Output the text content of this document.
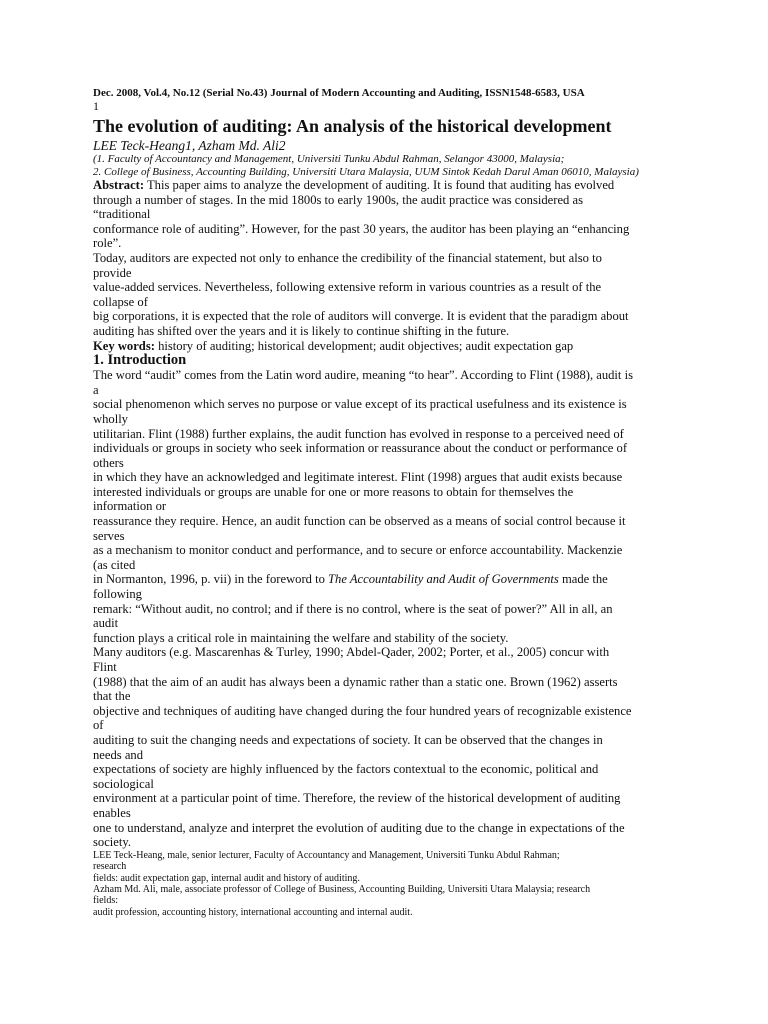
Dec. 2008, Vol.4, No.12 (Serial No.43) Journal of Modern Accounting and Auditing, ISSN1548-6583, USA
1
The evolution of auditing: An analysis of the historical development
LEE Teck-Heang1, Azham Md. Ali2
(1. Faculty of Accountancy and Management, Universiti Tunku Abdul Rahman, Selangor 43000, Malaysia;
2. College of Business, Accounting Building, Universiti Utara Malaysia, UUM Sintok Kedah Darul Aman 06010, Malaysia)
Abstract: This paper aims to analyze the development of auditing. It is found that auditing has evolved
through a number of stages. In the mid 1800s to early 1900s, the audit practice was considered as
“traditional
conformance role of auditing”. However, for the past 30 years, the auditor has been playing an “enhancing
role”.
Today, auditors are expected not only to enhance the credibility of the financial statement, but also to
provide
value-added services. Nevertheless, following extensive reform in various countries as a result of the
collapse of
big corporations, it is expected that the role of auditors will converge. It is evident that the paradigm about
auditing has shifted over the years and it is likely to continue shifting in the future.
Key words: history of auditing; historical development; audit objectives; audit expectation gap
1. Introduction
The word “audit” comes from the Latin word audire, meaning “to hear”. According to Flint (1988), audit is
a
social phenomenon which serves no purpose or value except of its practical usefulness and its existence is
wholly
utilitarian. Flint (1988) further explains, the audit function has evolved in response to a perceived need of
individuals or groups in society who seek information or reassurance about the conduct or performance of
others
in which they have an acknowledged and legitimate interest. Flint (1998) argues that audit exists because
interested individuals or groups are unable for one or more reasons to obtain for themselves the
information or
reassurance they require. Hence, an audit function can be observed as a means of social control because it
serves
as a mechanism to monitor conduct and performance, and to secure or enforce accountability. Mackenzie
(as cited
in Normanton, 1996, p. vii) in the foreword to The Accountability and Audit of Governments made the
following
remark: “Without audit, no control; and if there is no control, where is the seat of power?” All in all, an
audit
function plays a critical role in maintaining the welfare and stability of the society.
Many auditors (e.g. Mascarenhas & Turley, 1990; Abdel-Qader, 2002; Porter, et al., 2005) concur with
Flint
(1988) that the aim of an audit has always been a dynamic rather than a static one. Brown (1962) asserts
that the
objective and techniques of auditing have changed during the four hundred years of recognizable existence
of
auditing to suit the changing needs and expectations of society. It can be observed that the changes in
needs and
expectations of society are highly influenced by the factors contextual to the economic, political and
sociological
environment at a particular point of time. Therefore, the review of the historical development of auditing
enables
one to understand, analyze and interpret the evolution of auditing due to the change in expectations of the
society.
LEE Teck-Heang, male, senior lecturer, Faculty of Accountancy and Management, Universiti Tunku Abdul Rahman;
research
fields: audit expectation gap, internal audit and history of auditing.
Azham Md. Ali, male, associate professor of College of Business, Accounting Building, Universiti Utara Malaysia; research
fields:
audit profession, accounting history, international accounting and internal audit.
